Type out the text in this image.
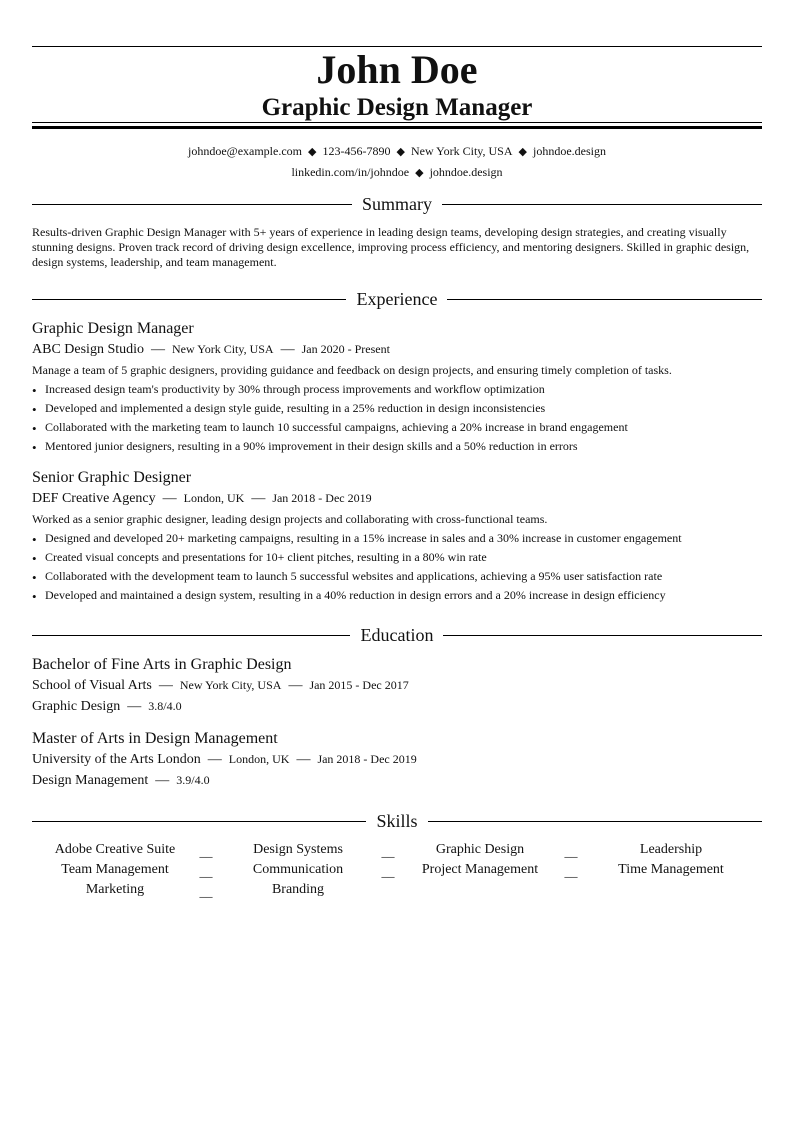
John Doe
Graphic Design Manager
johndoe@example.com ◆ 123-456-7890 ◆ New York City, USA ◆ johndoe.design
linkedin.com/in/johndoe ◆ johndoe.design
Summary
Results-driven Graphic Design Manager with 5+ years of experience in leading design teams, developing design strategies, and creating visually stunning designs. Proven track record of driving design excellence, improving process efficiency, and mentoring designers. Skilled in graphic design, design systems, leadership, and team management.
Experience
Graphic Design Manager
ABC Design Studio — New York City, USA — Jan 2020 - Present
Manage a team of 5 graphic designers, providing guidance and feedback on design projects, and ensuring timely completion of tasks.
• Increased design team's productivity by 30% through process improvements and workflow optimization
• Developed and implemented a design style guide, resulting in a 25% reduction in design inconsistencies
• Collaborated with the marketing team to launch 10 successful campaigns, achieving a 20% increase in brand engagement
• Mentored junior designers, resulting in a 90% improvement in their design skills and a 50% reduction in errors
Senior Graphic Designer
DEF Creative Agency — London, UK — Jan 2018 - Dec 2019
Worked as a senior graphic designer, leading design projects and collaborating with cross-functional teams.
• Designed and developed 20+ marketing campaigns, resulting in a 15% increase in sales and a 30% increase in customer engagement
• Created visual concepts and presentations for 10+ client pitches, resulting in a 80% win rate
• Collaborated with the development team to launch 5 successful websites and applications, achieving a 95% user satisfaction rate
• Developed and maintained a design system, resulting in a 40% reduction in design errors and a 20% increase in design efficiency
Education
Bachelor of Fine Arts in Graphic Design
School of Visual Arts — New York City, USA — Jan 2015 - Dec 2017
Graphic Design — 3.8/4.0
Master of Arts in Design Management
University of the Arts London — London, UK — Jan 2018 - Dec 2019
Design Management — 3.9/4.0
Skills
Adobe Creative Suite	__	Design Systems	__	Graphic Design	__	Leadership
Team Management	__	Communication	__	Project Management	__	Time Management
Marketing	__	Branding
